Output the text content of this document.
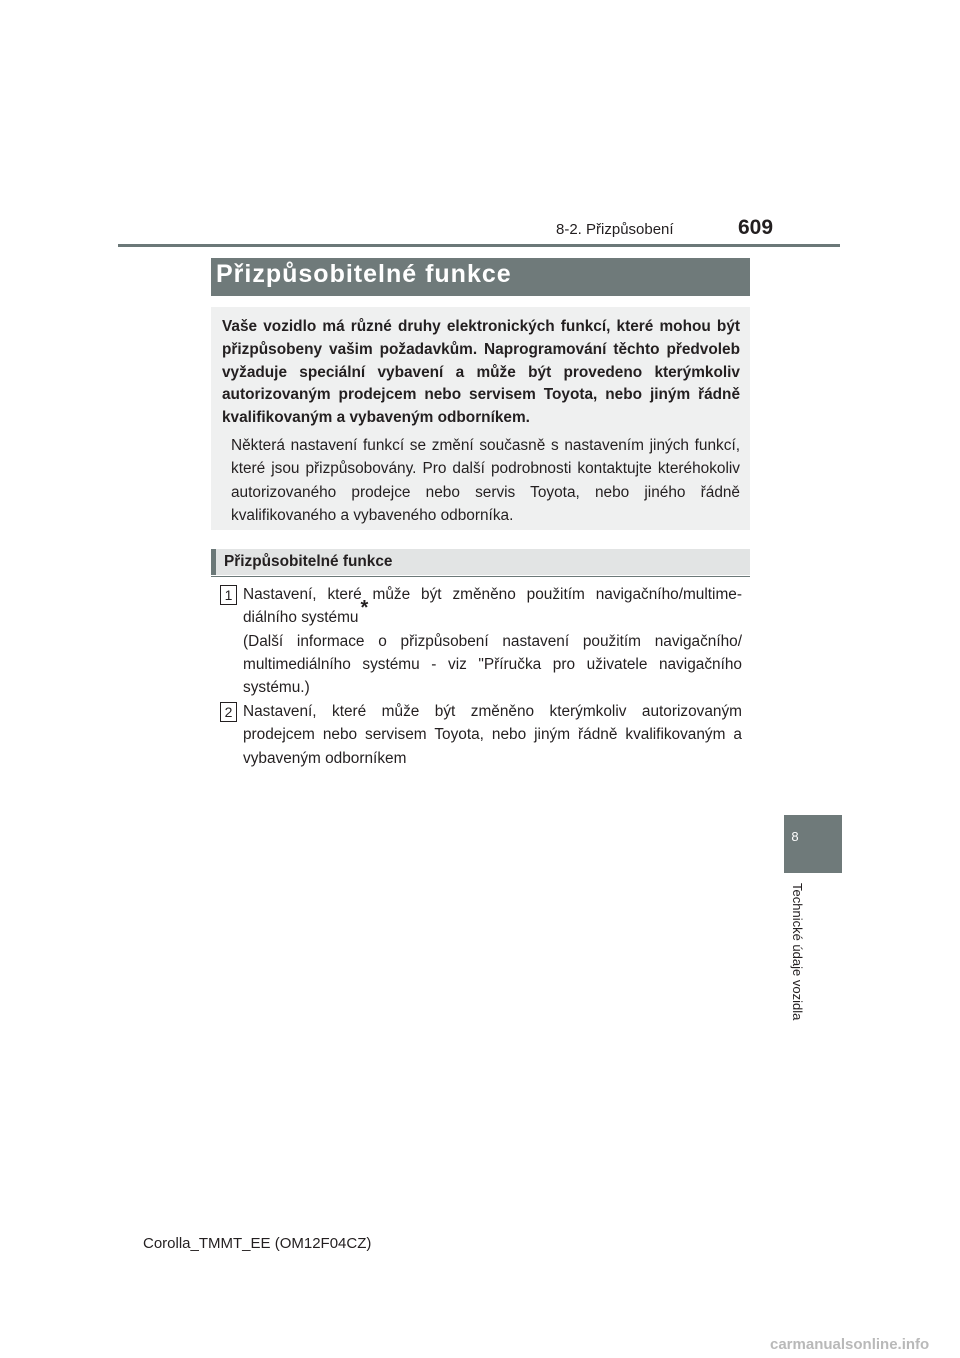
8-2. Přizpůsobení	609
Přizpůsobitelné funkce
Vaše vozidlo má různé druhy elektronických funkcí, které mohou být přizpůsobeny vašim požadavkům. Naprogramování těchto předvoleb vyžaduje speciální vybavení a může být provedeno kterýmkoliv autorizovaným prodejcem nebo servisem Toyota, nebo jiným řádně kvalifikovaným a vybaveným odborníkem.
Některá nastavení funkcí se změní současně s nastavením jiných funkcí, které jsou přizpůsobovány. Pro další podrobnosti kontaktujte kteréhokoliv autorizovaného prodejce nebo servis Toyota, nebo jiného řádně kvalifikovaného a vybaveného odborníka.
Přizpůsobitelné funkce
1 Nastavení, které může být změněno použitím navigačního/multimediálního systému *
(Další informace o přizpůsobení nastavení použitím navigačního/ multimediálního systému - viz "Příručka pro uživatele navigačního systému.)
2 Nastavení, které může být změněno kterýmkoliv autorizovaným prodejcem nebo servisem Toyota, nebo jiným řádně kvalifikovaným a vybaveným odborníkem
8
Technické údaje vozidla
Corolla_TMMT_EE (OM12F04CZ)
carmanualsonline.info
